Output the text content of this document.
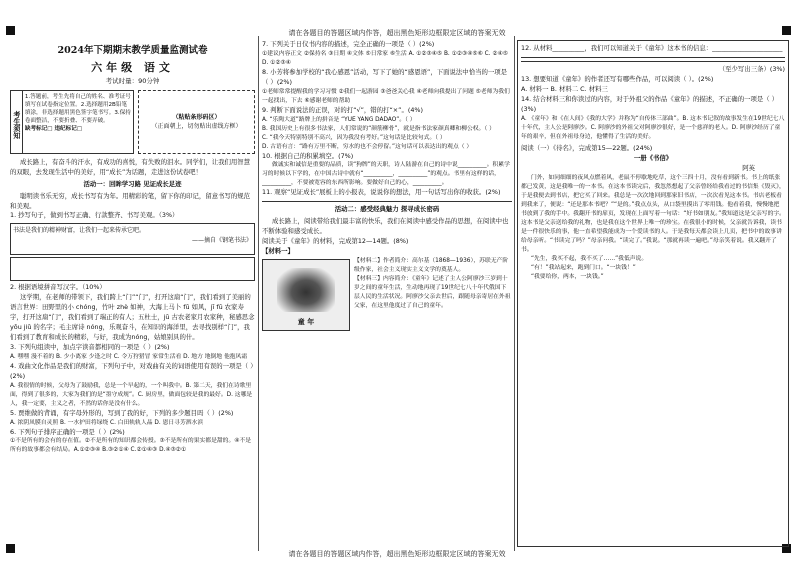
请在各题目的答题区域内作答，超出黑色矩形边框限定区域的答案无效
请在各题目的答题区域内作答，超出黑色矩形边框限定区域的答案无效
2024年下期期末教学质量监测试卷
六年级 语文
考试时量：90分钟
考生须知
1.答题前，考生先将自己的姓名、准考证号填写在试卷指定位置。2.选择题用2B铅笔填涂，非选择题用黑色签字笔书写。3.保持卷面整洁，不要折叠、不要弄破。
缺考标记□ 违纪标记□
（粘贴条形码区）
（正面朝上，切勿贴出虚线方框）

成长路上，有奋斗的汗水，有成功的喜悦，有失败的泪水。同学们，让我们用智慧的双眼，去发现生活中的美好，用“成长”为话题，走进这份试卷吧！

活动一：回眸学习路 见证成长足迹

聪明读书乐无穷，成长书写有为年。用精彩的笔，留下你的印记，留意书写的规范和美观。

1. 抄写句子，做到书写正确、行款整齐、书写美观。（3%）

书法是我们的精神财富，让我们一起来传承它吧。
——摘自《钢笔书法》

2. 根据语境拼音写汉字。（10%）

这学期，在老师的带领下，我们跨上“门”“门”，打开这扇“门”，我们看到了美丽的语言世界：田野里的小 chóng，竹叶 zhè 如神，大海上马卜 fū 如风，jī fū 农家寿宇，打开这扇“门”，我们看到了瑞正的有人；五杜士，jū 古农老家月农家种，秘感思念 yōu jiǔ 的名字；毛主席诗 nóng，乐观奋斗，在知识的海洋里，去寻找别样“门”，我们看到了教育和成长的精彩，与好，我成为nóng，姑娘别具的什。

3. 下列句组读中，加点字读音都相同的一项是（ ）(2%)

A. 嘿嘿 漫不着的 B. 少小离家 少逢之时 C. 令万狩猎冒 家常生活看 D. 地方 地倒地 他抱风霜

4. 戏曲文化作品是我们的财富，下列句子中，对戏曲有关的词语使用有误的一项是（ ）(2%)

A. 我很情的时候，父母为了鼓励我，总是一个早起的，一个叫我中。B. 第二天，我们在诗歌里面，得到了很多的，大家为我们的是“墨守成规”。C. 厨房里，做面包较是我的最好。D. 这哪是人，我一定要，主义之者，不然的话你是没有什么。

5. 贾维做的背诵，有字母外形的，写到了我的好，下列的多少题目吗（ ）(2%)

A. 浓阴凤膜自灵照 B. 一水护田将绿绕 C. 白田轨轨人晶 D. 恩日寻芳泗水滨

6. 下列句子排序正确的一项是（ ）(2%)

①不是所有的会有的存在值。②不是所有的知识都会传授。③不是所有的果实都是甜的。④不是所有的故事都会有结局。A.①②③④ B.③②①④ C.②①④③ D.④③②①

7. 下列关于日仪书内容的描述，完全正确的一项是（ ）(2%)

①建议内容正文 ②保持名 ③日期 ④文体 ⑤日常家 ⑥生活 A. ①②③④⑤ B. ①②③④⑤⑥ C. ②④⑤ D. ①②③④

8. 小芳将参加学校的“我心感恩”活动，写下了她的“感恩语”，下面说法中恰当的一项是（ ）(2%)

①老师常常提醒我的学习习惯 ②我们一起游园 ③爸爸关心我 ④老师向我提出了问题 ⑤老师为我们一起找出，下去 ⑥感谢老师的帮助

9. 判断下面说法的正误，对的打“√”，错的打“×”。(4%)

A. “乐陶大道”路牌上的拼音是 “YUE YANG DADAO”。（ ）

B. 我国历史上有很多书法家，人们常说的“颜筋柳骨”，就是指书法家颜真卿和柳公权。（ ）

C. “我今天特别特别不高兴，因为我没有考好。”这句话是比较句式。（ ）

D. 古语有言：“路有万里不断，穷水的也不会停留。”这句话可以表达出的观点（ ）

10. 根据自己的积累填空。(7%)

做诚实和诚信是重要的品质，读“狗牌”的天职，诗人陆游在自己的诗中说__________。积累学习的时候以下学的，在中国古诗中就有“__________，__________”的观点。书里有这样的话，__________，不要被宽容的东西所影响。要做好自己的心，__________。

11. 观察“见证成长”展板上的小报表，说说你的想法，用一句话写出你的收获。(2%)

活动二：感受经典魅力 探寻成长密码

成长路上，阅读带给我们最丰富的快乐，我们在阅读中感受作品的思想，在阅读中也不断体验和感受成长。

阅读关于《童年》的材料，完成第12—14题。(8%)

【材料一】
童 年

【材料二】作者简介：高尔基（1868—1936），苏联无产阶级作家，社会主义现实主义文学的奠基人。

【材料三】内容简介：《童年》记述了主人公阿廖沙三岁到十岁之间的童年生活，生动地再现了19世纪七八十年代俄国下层人民的生活状况。阿廖沙父亲去世后，跟随母亲寄居在外祖父家，在这里他度过了自己的童年。

12. 从材料__________，我们可以知道关于《童年》这本书的信息：______________________

（至少写出三条）(3%)

13. 想要知道《童年》的作者还写有哪些作品，可以阅读（ ）。(2%)

A. 材料一 B. 材料二 C. 材料三

14. 结合材料三和你读过的内容，对于外祖父的作品《童年》的描述，不正确的一项是（ ）(3%)

A. 《童年》和《在人间》《我的大学》并称为“自传体三部曲”。B. 这本书记叙的故事发生在19世纪七八十年代，主人公是阿廖沙。C. 阿廖沙的外祖父对阿廖沙很好，是一个慈祥的老人。D. 阿廖沙经历了童年的艰辛，但在外祖母身边，他懂得了生活的美好。

阅读（一）《待名》，完成第15—22题。(24%)

一册《书信》
阿英

门外，如同细细的夜风点燃着风，老鼠不停歇地吃草，这个三四十月，没有看到新书。书上的纸张都已发黄，这是我唯一的一本书。在这本书读完后，我忽然想起了父亲曾经给我看过的书信集《毁灭》，于是我便去到书店，把它买了回来。我总是一次次地回到那家旧书店，一次次看见这本书。书店老板看到我来了，便说：“还是那本书吧？”“是的。”我点点头，从口袋里摸出了零用钱。他看着我，慢慢地把书放到了我的手中。我翻开书的扉页，发现在上面写着一句话：“好书如朋友。”我知道这是父亲写的字。这本书是父亲送给我的礼物，也是我在这个世界上唯一的珍宝。在我很小的时候，父亲就告诉我，读书是一件很快乐的事，他一直希望我能成为一个爱读书的人。于是我每天都会读上几页，把书中的故事讲给母亲听。“书读完了吗？”母亲问我。“读完了。”我说。“那就再读一遍吧。”母亲笑着说。我又翻开了书。

“先生，我买不起，我不买了……”我低声说。

“有！”我站起来，跑到门口。“一块钱！”

“我要给你，两本，一块钱。”
